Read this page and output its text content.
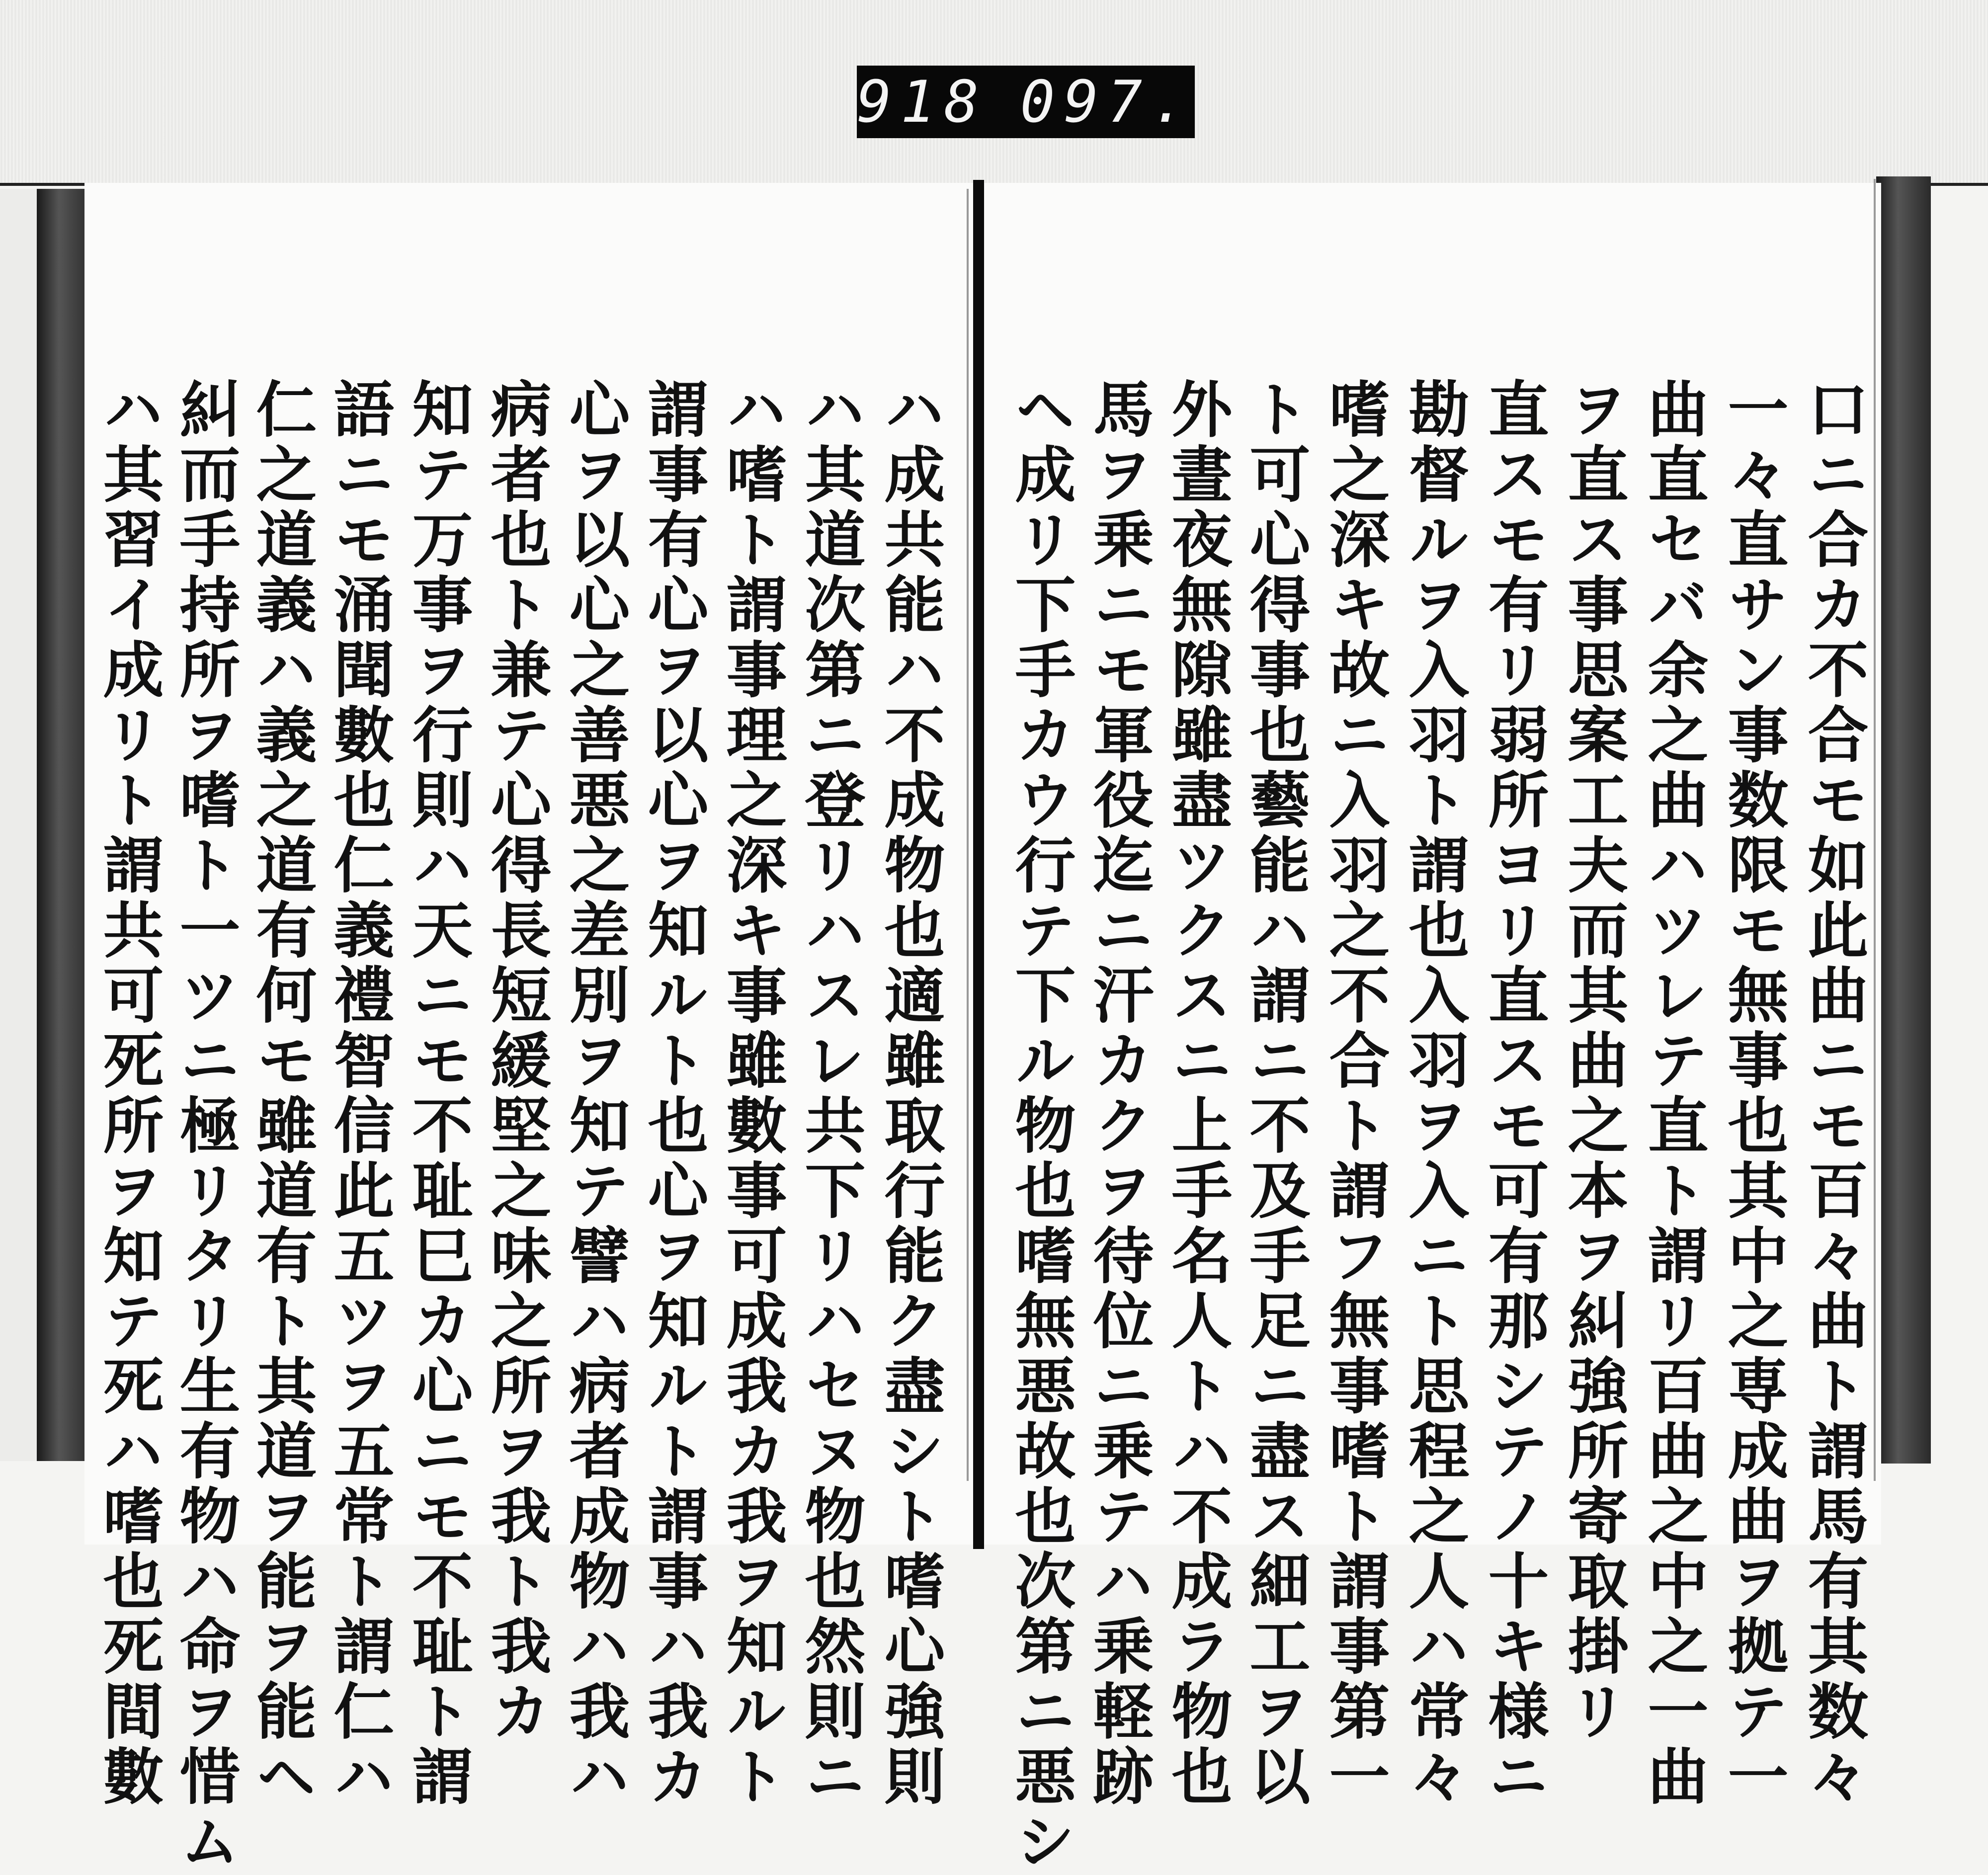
918 097.
口ニ合カ不合モ如此曲ニモ百々曲ト謂馬有其数々
一々直サン事数限モ無事也其中之専成曲ヲ拠テ一
曲直セバ余之曲ハツレテ直ト謂リ百曲之中之一曲
ヲ直ス事思案工夫而其曲之本ヲ糾強所寄取掛リ
直スモ有リ弱所ヨリ直スモ可有那シテノ十キ様ニ
勘督ルヲ入羽ト謂也入羽ヲ入ニト思程之人ハ常々
嗜之深キ故ニ入羽之不合ト謂フ無事嗜ト謂事第一
ト可心得事也藝能ハ謂ニ不及手足ニ盡ス細工ヲ以
外晝夜無隙雖盡ツクスニ上手名人トハ不成ラ物也
馬ヲ乗ニモ軍役迄ニ汗カクヲ待位ニ乗テハ乗軽跡
ヘ成リ下手カウ行テ下ル物也嗜無悪故也次第ニ悪シ
ハ成共能ハ不成物也適雖取行能ク盡シト嗜心強則
ハ其道次第ニ登リハスレ共下リハセヌ物也然則ニ
ハ嗜ト謂事理之深キ事雖數事可成我カ我ヲ知ルト
謂事有心ヲ以心ヲ知ルト也心ヲ知ルト謂事ハ我カ
心ヲ以心之善悪之差別ヲ知テ譬ハ病者成物ハ我ハ
病者也ト兼テ心得長短緩堅之味之所ヲ我ト我カ
知テ万事ヲ行則ハ天ニモ不耻巳カ心ニモ不耻ト謂
語ニモ涌聞數也仁義禮智信此五ツヲ五常ト謂仁ハ
仁之道義ハ義之道有何モ雖道有ト其道ヲ能ヲ能ヘ
糾而手持所ヲ嗜ト一ツニ極リタリ生有物ハ命ヲ惜ム
ハ其習イ成リト謂共可死所ヲ知テ死ハ嗜也死間數
